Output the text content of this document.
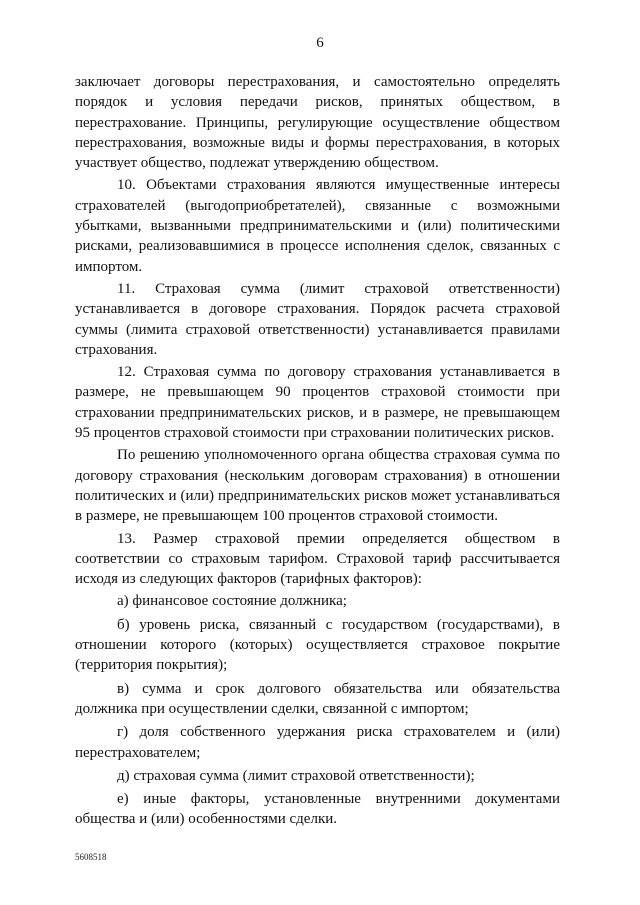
6

заключает договоры перестрахования, и самостоятельно определять порядок и условия передачи рисков, принятых обществом, в перестрахование. Принципы, регулирующие осуществление обществом перестрахования, возможные виды и формы перестрахования, в которых участвует общество, подлежат утверждению обществом.

10. Объектами страхования являются имущественные интересы страхователей (выгодоприобретателей), связанные с возможными убытками, вызванными предпринимательскими и (или) политическими рисками, реализовавшимися в процессе исполнения сделок, связанных с импортом.

11. Страховая сумма (лимит страховой ответственности) устанавливается в договоре страхования. Порядок расчета страховой суммы (лимита страховой ответственности) устанавливается правилами страхования.

12. Страховая сумма по договору страхования устанавливается в размере, не превышающем 90 процентов страховой стоимости при страховании предпринимательских рисков, и в размере, не превышающем 95 процентов страховой стоимости при страховании политических рисков.

По решению уполномоченного органа общества страховая сумма по договору страхования (нескольким договорам страхования) в отношении политических и (или) предпринимательских рисков может устанавливаться в размере, не превышающем 100 процентов страховой стоимости.

13. Размер страховой премии определяется обществом в соответствии со страховым тарифом. Страховой тариф рассчитывается исходя из следующих факторов (тарифных факторов):

а) финансовое состояние должника;

б) уровень риска, связанный с государством (государствами), в отношении которого (которых) осуществляется страховое покрытие (территория покрытия);

в) сумма и срок долгового обязательства или обязательства должника при осуществлении сделки, связанной с импортом;

г) доля собственного удержания риска страхователем и (или) перестрахователем;

д) страховая сумма (лимит страховой ответственности);

е) иные факторы, установленные внутренними документами общества и (или) особенностями сделки.

5608518
